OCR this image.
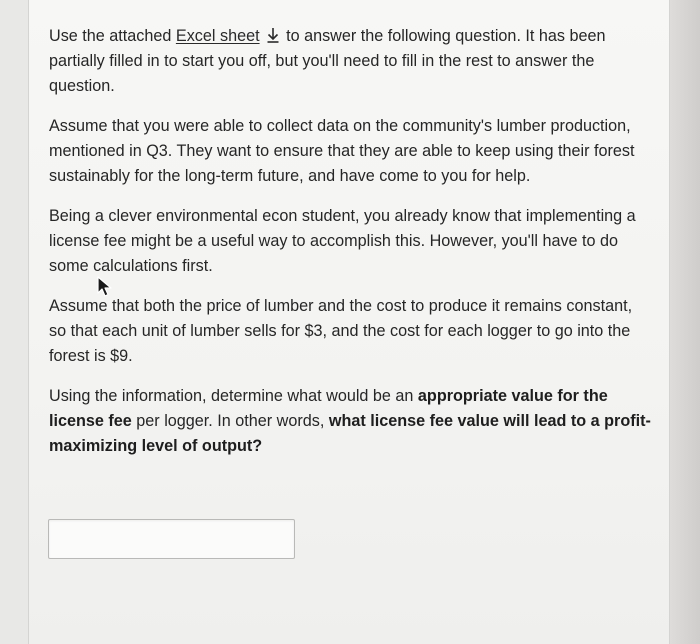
Use the attached Excel sheet to answer the following question. It has been partially filled in to start you off, but you'll need to fill in the rest to answer the question.

Assume that you were able to collect data on the community's lumber production, mentioned in Q3. They want to ensure that they are able to keep using their forest sustainably for the long-term future, and have come to you for help.

Being a clever environmental econ student, you already know that implementing a license fee might be a useful way to accomplish this. However, you'll have to do some calculations first.

Assume that both the price of lumber and the cost to produce it remains constant, so that each unit of lumber sells for $3, and the cost for each logger to go into the forest is $9.

Using the information, determine what would be an appropriate value for the license fee per logger. In other words, what license fee value will lead to a profit-maximizing level of output?
